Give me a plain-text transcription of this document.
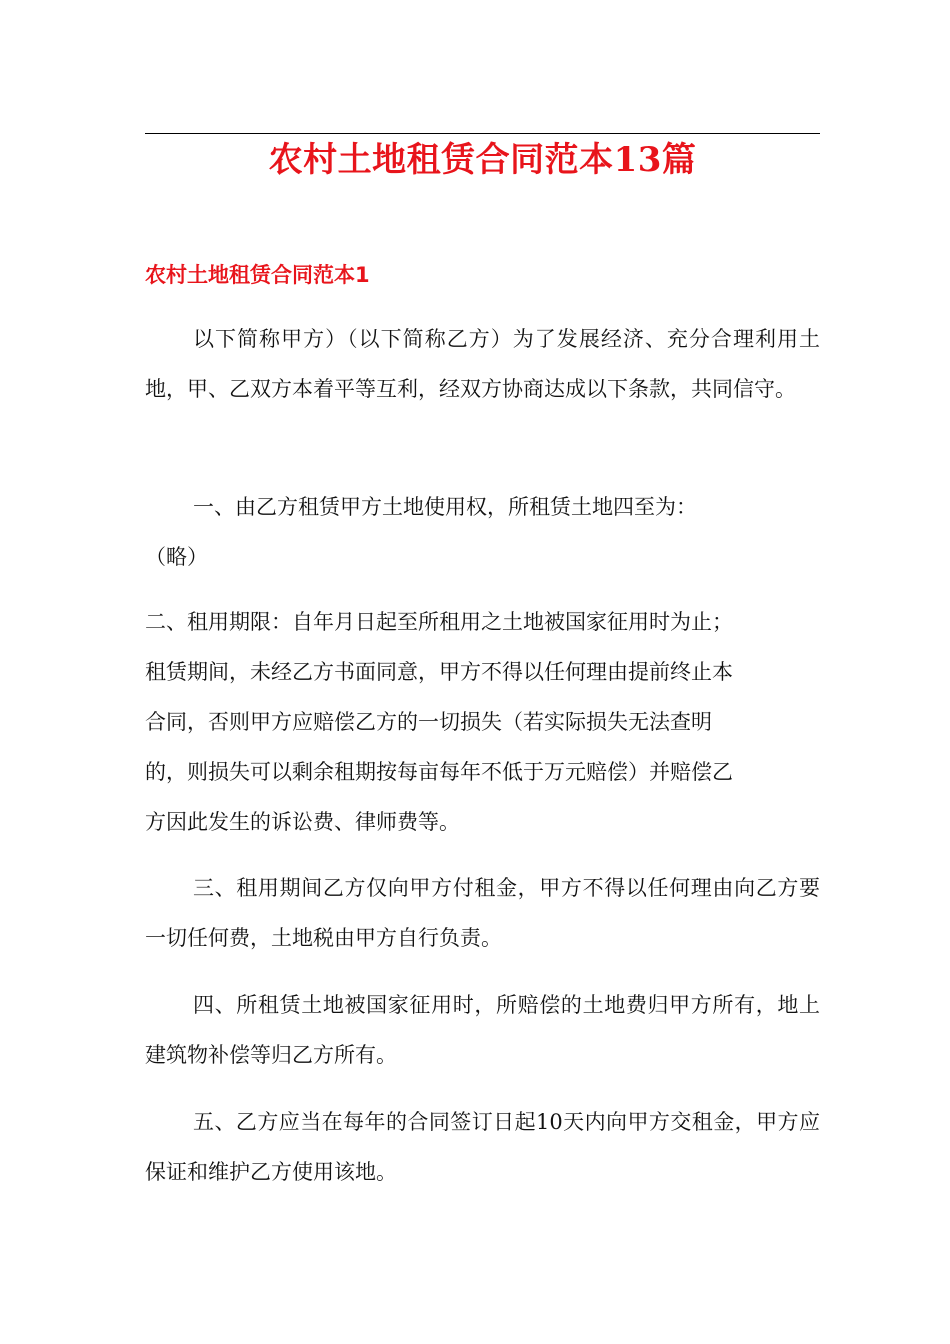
农村土地租赁合同范本13篇
农村土地租赁合同范本1

以下简称甲方）（以下简称乙方）为了发展经济、充分合理利用土地，甲、乙双方本着平等互利，经双方协商达成以下条款，共同信守。

一、由乙方租赁甲方土地使用权，所租赁土地四至为：

（略）

二、租用期限：自年月日起至所租用之土地被国家征用时为止；

租赁期间，未经乙方书面同意，甲方不得以任何理由提前终止本

合同，否则甲方应赔偿乙方的一切损失（若实际损失无法查明

的，则损失可以剩余租期按每亩每年不低于万元赔偿）并赔偿乙

方因此发生的诉讼费、律师费等。

三、租用期间乙方仅向甲方付租金，甲方不得以任何理由向乙方要一切任何费，土地税由甲方自行负责。

四、所租赁土地被国家征用时，所赔偿的土地费归甲方所有，地上建筑物补偿等归乙方所有。

五、乙方应当在每年的合同签订日起10天内向甲方交租金，甲方应保证和维护乙方使用该地。
